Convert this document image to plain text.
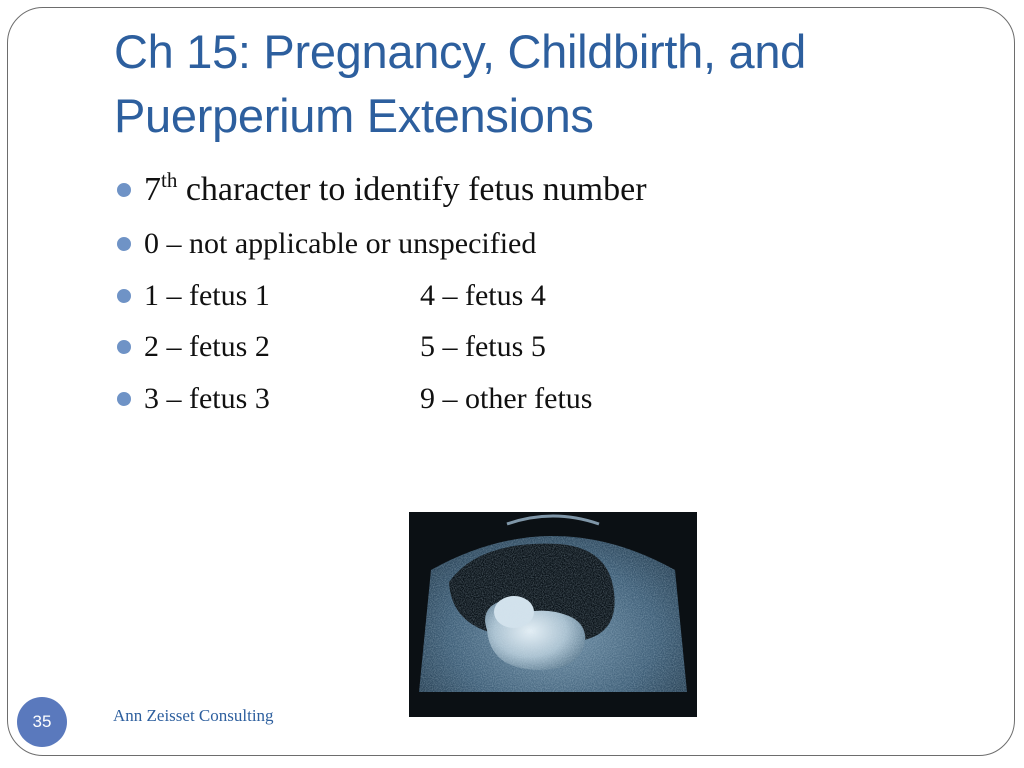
Ch 15: Pregnancy, Childbirth, and
Puerperium Extensions
7th character to identify fetus number
0 – not applicable or unspecified
1 – fetus 1	4 – fetus 4
2 – fetus 2	5 – fetus 5
3 – fetus 3	9 – other fetus
35	Ann Zeisset Consulting
